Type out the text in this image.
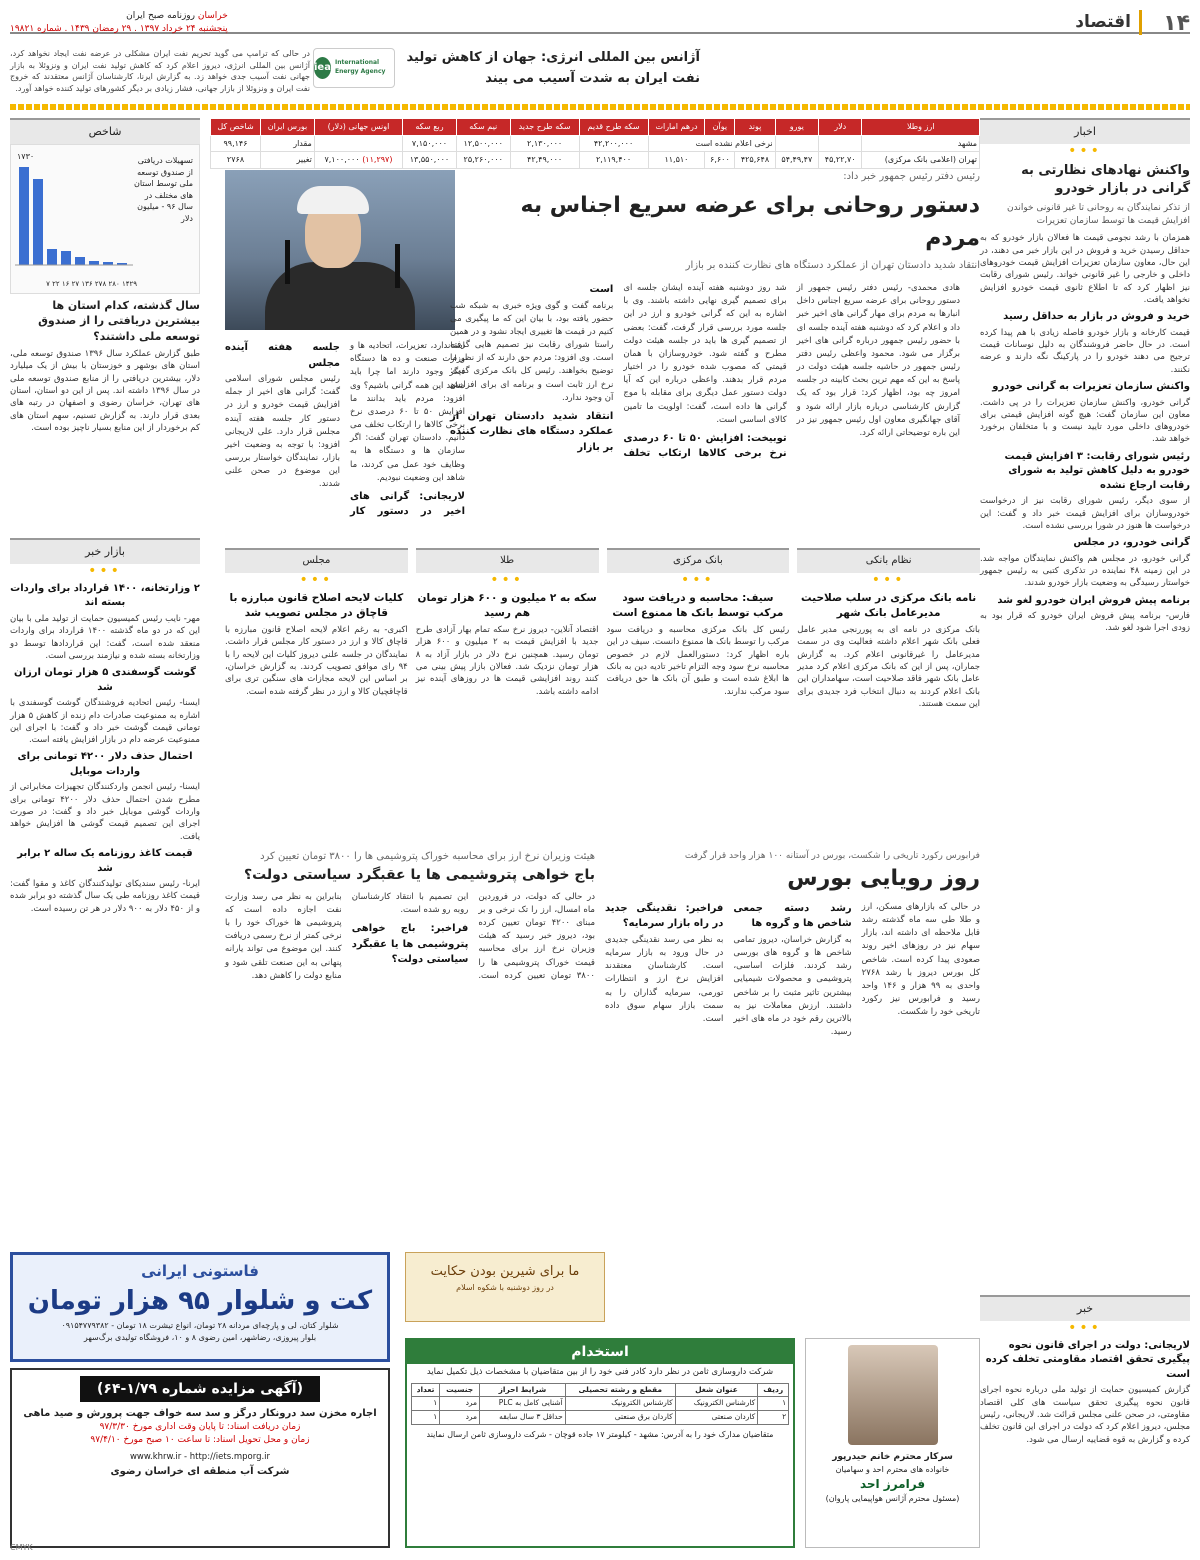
۱۴
اقتصاد
خراسان روزنامه صبح ایران
پنجشنبه ۲۴ خرداد ۱۳۹۷ . ۲۹ رمضان ۱۴۳۹ . شماره ۱۹۸۲۱
آژانس بین المللی انرژی: جهان از کاهش تولید نفت ایران به شدت آسیب می بیند
iea International Energy Agency
در حالی که ترامپ می گوید تحریم نفت ایران مشکلی در عرضه نفت ایجاد نخواهد کرد، آژانس بین المللی انرژی، دیروز اعلام کرد که کاهش تولید نفت ایران و ونزوئلا به بازار جهانی نفت آسیب جدی خواهد زد. به گزارش ایرنا، کارشناسان آژانس معتقدند که خروج نفت ایران و ونزوئلا از بازار جهانی، فشار زیادی بر دیگر کشورهای تولید کننده خواهد آورد.
ارز وطلا	دلار	یورو	پوند	یوآن	درهم امارات	سکه طرح قدیم	سکه طرح جدید	نیم سکه	ربع سکه	اونس جهانی (دلار)	بورس ایران	شاخص کل
مشهد			نرخی اعلام نشده است			۴۲,۲۰۰,۰۰۰	۲,۱۳۰,۰۰۰	۱۲,۵۰۰,۰۰۰	۷,۱۵۰,۰۰۰		مقدار	۹۹,۱۴۶
تهران (اعلامی بانک مرکزی)	۴۵,۲۲,۷۰	۵۴,۴۹,۴۷	۴۲۵,۶۴۸	۶,۶۰۰	۱۱,۵۱۰	۲,۱۱۹,۴۰۰	۴۲,۴۹,۰۰۰	۲۵,۲۶۰,۰۰۰	۱۳,۵۵۰,۰۰۰	۷,۱۰۰,۰۰۰ (۱۱,۲۹۷)	تغییر	۲۷۶۸
رئیس دفتر رئیس جمهور خبر داد:
دستور روحانی برای عرضه سریع اجناس به مردم
انتقاد شدید دادستان تهران از عملکرد دستگاه های نظارت کننده بر بازار

هادی محمدی- رئیس دفتر رئیس جمهور از دستور روحانی برای عرضه سریع اجناس داخل انبارها به مردم برای مهار گرانی های اخیر خبر داد و اعلام کرد که دوشنبه هفته آینده جلسه ای با حضور رئیس جمهور درباره گرانی های اخیر برگزار می شود. محمود واعظی رئیس دفتر رئیس جمهور در حاشیه جلسه هیئت دولت در پاسخ به این که مهم ترین بحث کابینه در جلسه امروز چه بود، اظهار کرد: قرار بود که یک گزارش کارشناسی درباره بازار ارائه شود و آقای جهانگیری معاون اول رئیس جمهور نیز در این باره توضیحاتی ارائه کرد.

شد روز دوشنبه هفته آینده ایشان جلسه ای برای تصمیم گیری نهایی داشته باشند. وی با اشاره به این که گرانی خودرو و ارز در این جلسه مورد بررسی قرار گرفت، گفت: بعضی از تصمیم گیری ها باید در جلسه هیئت دولت مطرح و گفته شود. خودروسازان با همان قیمتی که مصوب شده خودرو را در اختیار مردم قرار بدهند. واعظی درباره این که آیا دولت دستور عمل دیگری برای مقابله با موج گرانی ها داده است، گفت: اولویت ما تامین کالای اساسی است.

توبیخت: افزایش ۵۰ تا ۶۰ درصدی نرخ برخی کالاها ارتکاب تخلف است

برنامه گفت و گوی ویژه خبری به شبکه شب حضور یافته بود، با بیان این که ما پیگیری می کنیم در قیمت ها تغییری ایجاد نشود و در همین راستا شورای رقابت نیز تصمیم هایی گرفته است. وی افزود: مردم حق دارند که از نظر ما توضیح بخواهند. رئیس کل بانک مرکزی گفت: نرخ ارز ثابت است و برنامه ای برای افزایش آن وجود ندارد.

انتقاد شدید دادستان تهران از عملکرد دستگاه های نظارت کننده بر بازار

استاندارد، تعزیرات، اتحادیه ها و وزارت صنعت و ده ها دستگاه دیگر وجود دارند اما چرا باید شاهد این همه گرانی باشیم؟ وی افزود: مردم باید بدانند ما افزایش ۵۰ تا ۶۰ درصدی نرخ برخی کالاها را ارتکاب تخلف می دانیم. دادستان تهران گفت: اگر سازمان ها و دستگاه ها به وظایف خود عمل می کردند، ما شاهد این وضعیت نبودیم.

لاریجانی: گرانی های اخیر در دستور کار جلسه هفته آینده مجلس

رئیس مجلس شورای اسلامی گفت: گرانی های اخیر از جمله افزایش قیمت خودرو و ارز در دستور کار جلسه هفته آینده مجلس قرار دارد. علی لاریجانی افزود: با توجه به وضعیت اخیر بازار، نمایندگان خواستار بررسی این موضوع در صحن علنی شدند.

نظام بانکی
•••
نامه بانک مرکزی در سلب صلاحیت مدیرعامل بانک شهر
بانک مرکزی در نامه ای به پوررنجی مدیر عامل فعلی بانک شهر اعلام داشته فعالیت وی در سمت مدیرعامل را غیرقانونی اعلام کرد. به گزارش جماران، پس از این که بانک مرکزی اعلام کرد مدیر عامل بانک شهر فاقد صلاحیت است، سهامداران این بانک اعلام کردند به دنبال انتخاب فرد جدیدی برای این سمت هستند.
بانک مرکزی
•••
سیف: محاسبه و دریافت سود مرکب توسط بانک ها ممنوع است
رئیس کل بانک مرکزی محاسبه و دریافت سود مرکب را توسط بانک ها ممنوع دانست. سیف در این باره اظهار کرد: دستورالعمل لازم در خصوص محاسبه نرخ سود وجه التزام تاخیر تادیه دین به بانک ها ابلاغ شده است و طبق آن بانک ها حق دریافت سود مرکب ندارند.
طلا
•••
سکه به ۲ میلیون و ۶۰۰ هزار تومان هم رسید
اقتصاد آنلاین- دیروز نرخ سکه تمام بهار آزادی طرح جدید با افزایش قیمت به ۲ میلیون و ۶۰۰ هزار تومان رسید. همچنین نرخ دلار در بازار آزاد به ۸ هزار تومان نزدیک شد. فعالان بازار پیش بینی می کنند روند افزایشی قیمت ها در روزهای آینده نیز ادامه داشته باشد.
مجلس
•••
کلیات لایحه اصلاح قانون مبارزه با قاچاق در مجلس تصویب شد
اکبری- به رغم اعلام لایحه اصلاح قانون مبارزه با قاچاق کالا و ارز در دستور کار مجلس قرار داشت. نمایندگان در جلسه علنی دیروز کلیات این لایحه را با ۹۴ رای موافق تصویب کردند. به گزارش خراسان، بر اساس این لایحه مجازات های سنگین تری برای قاچاقچیان کالا و ارز در نظر گرفته شده است.
فرابورس رکورد تاریخی را شکست، بورس در آستانه ۱۰۰ هزار واحد قرار گرفت
روز رویایی بورس

در حالی که بازارهای مسکن، ارز و طلا طی سه ماه گذشته رشد قابل ملاحظه ای داشته اند، بازار سهام نیز در روزهای اخیر روند صعودی پیدا کرده است. شاخص کل بورس دیروز با رشد ۲۷۶۸ واحدی به ۹۹ هزار و ۱۴۶ واحد رسید و فرابورس نیز رکورد تاریخی خود را شکست.

رشد دسته جمعی شاخص ها و گروه ها

به گزارش خراسان، دیروز تمامی شاخص ها و گروه های بورسی رشد کردند. فلزات اساسی، پتروشیمی و محصولات شیمیایی بیشترین تاثیر مثبت را بر شاخص داشتند. ارزش معاملات نیز به بالاترین رقم خود در ماه های اخیر رسید.

فراخبر: نقدینگی جدید در راه بازار سرمایه؟

به نظر می رسد نقدینگی جدیدی در حال ورود به بازار سرمایه است. کارشناسان معتقدند افزایش نرخ ارز و انتظارات تورمی، سرمایه گذاران را به سمت بازار سهام سوق داده است.

هیئت وزیران نرخ ارز برای محاسبه خوراک پتروشیمی ها را ۳۸۰۰ تومان تعیین کرد
باج خواهی پتروشیمی ها یا عقبگرد سیاستی دولت؟

در حالی که دولت، در فروردین ماه امسال، ارز را تک نرخی و بر مبنای ۴۲۰۰ تومان تعیین کرده بود، دیروز خبر رسید که هیئت وزیران نرخ ارز برای محاسبه قیمت خوراک پتروشیمی ها را ۳۸۰۰ تومان تعیین کرده است. این تصمیم با انتقاد کارشناسان روبه رو شده است.

فراخبر: باج خواهی پتروشیمی ها یا عقبگرد سیاستی دولت؟

بنابراین به نظر می رسد وزارت نفت اجازه داده است که پتروشیمی ها خوراک خود را با نرخی کمتر از نرخ رسمی دریافت کنند. این موضوع می تواند یارانه پنهانی به این صنعت تلقی شود و منابع دولت را کاهش دهد.

شاخص
۱۷۳۰	تسهیلات دریافتی از صندوق توسعه ملی توسط استان های مختلف در سال ۹۶ - میلیون دلار
۱۴۲۹ ۲۸۰ ۲۷۸ ۱۳۶ ۲۷ ۱۶ ۲۲ ۷
سال گذشته، کدام استان ها بیشترین دریافتی را از صندوق توسعه ملی داشتند؟
طبق گزارش عملکرد سال ۱۳۹۶ صندوق توسعه ملی، استان های بوشهر و خوزستان با بیش از یک میلیارد دلار، بیشترین دریافتی را از منابع صندوق توسعه ملی در سال ۱۳۹۶ داشته اند. پس از این دو استان، استان های تهران، خراسان رضوی و اصفهان در رتبه های بعدی قرار دارند. به گزارش تسنیم، سهم استان های کم برخوردار از این منابع بسیار ناچیز بوده است.
بازار خبر
•••
۲ وزارتخانه، ۱۴۰۰ قرارداد برای واردات بسته اند
مهر- نایب رئیس کمیسیون حمایت از تولید ملی با بیان این که در دو ماه گذشته ۱۴۰۰ قرارداد برای واردات منعقد شده است، گفت: این قراردادها توسط دو وزارتخانه بسته شده و نیازمند بررسی است.
گوشت گوسفندی ۵ هزار تومان ارزان شد
ایسنا- رئیس اتحادیه فروشندگان گوشت گوسفندی با اشاره به ممنوعیت صادرات دام زنده از کاهش ۵ هزار تومانی قیمت گوشت خبر داد و گفت: با اجرای این ممنوعیت عرضه دام در بازار افزایش یافته است.
احتمال حذف دلار ۴۲۰۰ تومانی برای واردات موبایل
ایسنا- رئیس انجمن واردکنندگان تجهیزات مخابراتی از مطرح شدن احتمال حذف دلار ۴۲۰۰ تومانی برای واردات گوشی موبایل خبر داد و گفت: در صورت اجرای این تصمیم قیمت گوشی ها افزایش خواهد یافت.
قیمت کاغذ روزنامه یک ساله ۲ برابر شد
ایرنا- رئیس سندیکای تولیدکنندگان کاغذ و مقوا گفت: قیمت کاغذ روزنامه طی یک سال گذشته دو برابر شده و از ۴۵۰ دلار به ۹۰۰ دلار در هر تن رسیده است.
اخبار
•••
واکنش نهادهای نظارتی به گرانی در بازار خودرو
از تذکر نمایندگان به روحانی تا غیر قانونی خواندن افزایش قیمت ها توسط سازمان تعزیرات
همزمان با رشد نجومی قیمت ها فعالان بازار خودرو که به حداقل رسیدن خرید و فروش در این بازار خبر می دهند، در این حال، معاون سازمان تعزیرات افزایش قیمت خودروهای داخلی و خارجی را غیر قانونی خواند. رئیس شورای رقابت نیز اظهار کرد که تا اطلاع ثانوی قیمت خودرو افزایش نخواهد یافت.
خرید و فروش در بازار به حداقل رسید
قیمت کارخانه و بازار خودرو فاصله زیادی با هم پیدا کرده است. در حال حاضر فروشندگان به دلیل نوسانات قیمت ترجیح می دهند خودرو را در پارکینگ نگه دارند و عرضه نکنند.
واکنش سازمان تعزیرات به گرانی خودرو
گرانی خودرو، واکنش سازمان تعزیرات را در پی داشت. معاون این سازمان گفت: هیچ گونه افزایش قیمتی برای خودروهای داخلی مورد تایید نیست و با متخلفان برخورد خواهد شد.
رئیس شورای رقابت: ۳ افزایش قیمت خودرو به دلیل کاهش تولید به شورای رقابت ارجاع نشده
از سوی دیگر، رئیس شورای رقابت نیز از درخواست خودروسازان برای افزایش قیمت خبر داد و گفت: این درخواست ها هنوز در شورا بررسی نشده است.
گرانی خودرو، در مجلس
گرانی خودرو، در مجلس هم واکنش نمایندگان مواجه شد. در این زمینه ۴۸ نماینده در تذکری کتبی به رئیس جمهور خواستار رسیدگی به وضعیت بازار خودرو شدند.
برنامه پیش فروش ایران خودرو لغو شد
فارس- برنامه پیش فروش ایران خودرو که قرار بود به زودی اجرا شود لغو شد.
خبر
•••
لاریجانی: دولت در اجرای قانون نحوه پیگیری تحقق اقتصاد مقاومتی تخلف کرده است
گزارش کمیسیون حمایت از تولید ملی درباره نحوه اجرای قانون نحوه پیگیری تحقق سیاست های کلی اقتصاد مقاومتی، در صحن علنی مجلس قرائت شد. لاریجانی، رئیس مجلس، دیروز اعلام کرد که دولت در اجرای این قانون تخلف کرده و گزارش به قوه قضاییه ارسال می شود.
فاستونی ایرانی
کت و شلوار ۹۵ هزار تومان
شلوار کتان، لی و پارچه‌ای مردانه ۲۸ تومان، انواع تیشرت ۱۸ تومان - ۰۹۱۵۴۷۷۹۳۸۲
بلوار پیروزی، رضاشهر، امین رضوی ۸ و ۱۰، فروشگاه تولیدی برگ‌سهر
(آگهی مزایده شماره ۱/۷۹-۶۴)
اجاره مخزن سد درونکار درگز و سد سه خواف جهت پرورش و صید ماهی
زمان دریافت اسناد: تا پایان وقت اداری مورخ ۹۷/۳/۳۰
زمان و محل تحویل اسناد: تا ساعت ۱۰ صبح مورخ ۹۷/۴/۱۰
www.khrw.ir - http://iets.mporg.ir
شرکت آب منطقه ای خراسان رضوی
ما برای شیرین بودن حکایت
در روز دوشنبه با شکوه اسلام
استخدام
شرکت داروسازی ثامن در نظر دارد کادر فنی خود را از بین متقاضیان با مشخصات ذیل تکمیل نماید
ردیف	عنوان شغل	مقطع و رشته تحصیلی	شرایط احراز	جنسیت	تعداد
۱	کارشناس الکترونیک	کارشناس الکترونیک	آشنایی کامل به PLC	مرد	۱
۲	کاردان صنعتی	کاردان برق صنعتی	حداقل ۳ سال سابقه	مرد	۱
متقاضیان مدارک خود را به آدرس: مشهد - کیلومتر ۱۷ جاده قوچان - شرکت داروسازی ثامن ارسال نمایند
سرکار محترم خانم حیدرپور
خانواده های محترم احد و سهامیان
فرامرز احد
(مسئول محترم آژانس هواپیمایی پاروان)
CMYK
